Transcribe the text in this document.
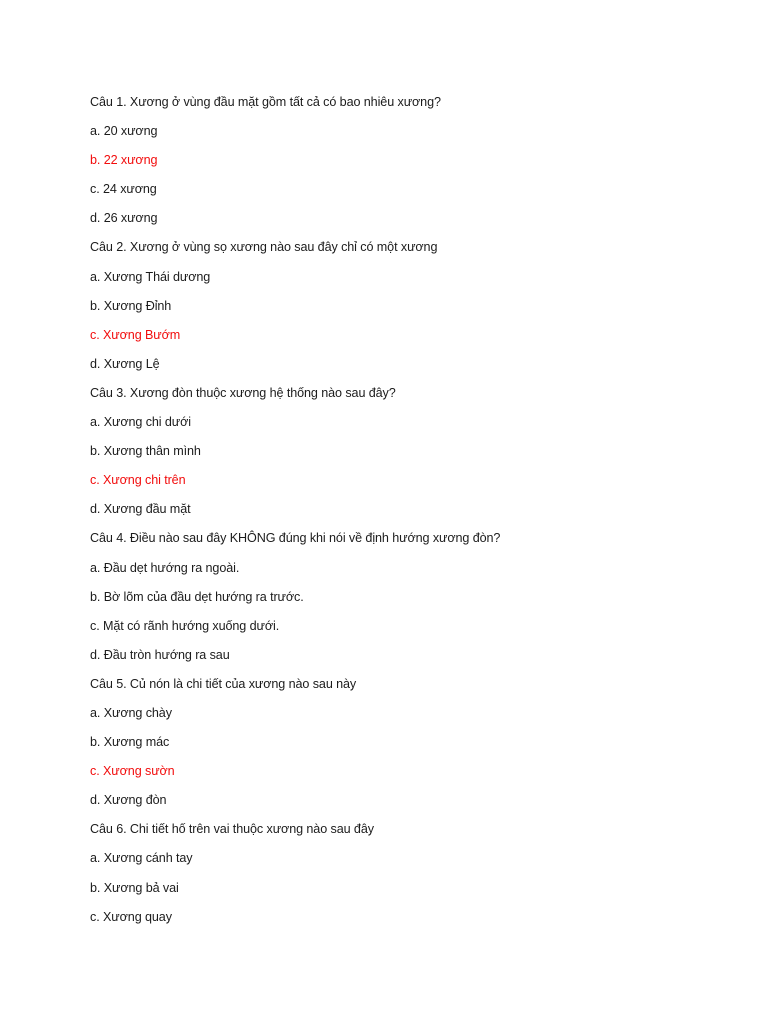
Câu 1. Xương ở vùng đầu mặt gồm tất cả có bao nhiêu xương?
a. 20 xương
b. 22 xương
c. 24 xương
d. 26 xương
Câu 2. Xương ở vùng sọ xương nào sau đây chỉ có một xương
a. Xương Thái dương
b. Xương Đỉnh
c. Xương Bướm
d. Xương Lệ
Câu 3. Xương đòn thuộc xương hệ thống nào sau đây?
a. Xương chi dưới
b. Xương thân mình
c. Xương chi trên
d. Xương đầu mặt
Câu 4. Điều nào sau đây KHÔNG đúng khi nói về định hướng xương đòn?
a. Đầu dẹt hướng ra ngoài.
b. Bờ lõm của đầu dẹt hướng ra trước.
c. Mặt có rãnh hướng xuống dưới.
d. Đầu tròn hướng ra sau
Câu 5. Củ nón là chi tiết của xương nào sau này
a. Xương chày
b. Xương mác
c. Xương sườn
d. Xương đòn
Câu 6. Chi tiết hố trên vai thuộc xương nào sau đây
a. Xương cánh tay
b. Xương bả vai
c. Xương quay
